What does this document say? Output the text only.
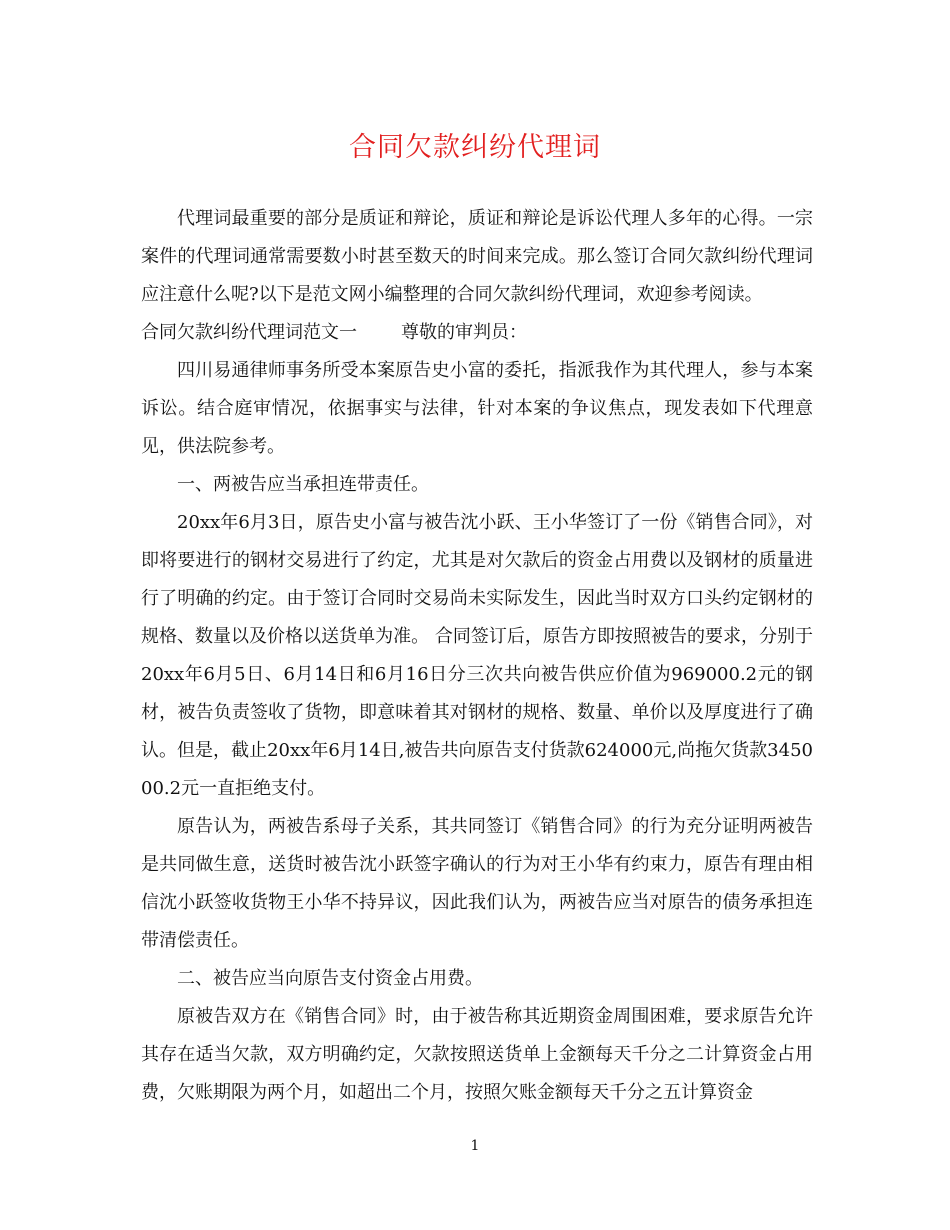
合同欠款纠纷代理词

代理词最重要的部分是质证和辩论，质证和辩论是诉讼代理人多年的心得。一宗案件的代理词通常需要数小时甚至数天的时间来完成。那么签订合同欠款纠纷代理词应注意什么呢?以下是范文网小编整理的合同欠款纠纷代理词，欢迎参考阅读。

合同欠款纠纷代理词范文一 尊敬的审判员：

四川易通律师事务所受本案原告史小富的委托，指派我作为其代理人，参与本案诉讼。结合庭审情况，依据事实与法律，针对本案的争议焦点，现发表如下代理意见，供法院参考。

一、两被告应当承担连带责任。

20xx年6月3日，原告史小富与被告沈小跃、王小华签订了一份《销售合同》，对即将要进行的钢材交易进行了约定，尤其是对欠款后的资金占用费以及钢材的质量进行了明确的约定。由于签订合同时交易尚未实际发生，因此当时双方口头约定钢材的规格、数量以及价格以送货单为准。 合同签订后，原告方即按照被告的要求，分别于20xx年6月5日、6月14日和6月16日分三次共向被告供应价值为969000.2元的钢材，被告负责签收了货物，即意味着其对钢材的规格、数量、单价以及厚度进行了确认。但是，截止20xx年6月14日,被告共向原告支付货款624000元,尚拖欠货款345000.2元一直拒绝支付。

原告认为，两被告系母子关系，其共同签订《销售合同》的行为充分证明两被告是共同做生意，送货时被告沈小跃签字确认的行为对王小华有约束力，原告有理由相信沈小跃签收货物王小华不持异议，因此我们认为，两被告应当对原告的债务承担连带清偿责任。

二、被告应当向原告支付资金占用费。

原被告双方在《销售合同》时，由于被告称其近期资金周围困难，要求原告允许其存在适当欠款，双方明确约定，欠款按照送货单上金额每天千分之二计算资金占用费，欠账期限为两个月，如超出二个月，按照欠账金额每天千分之五计算资金

1
